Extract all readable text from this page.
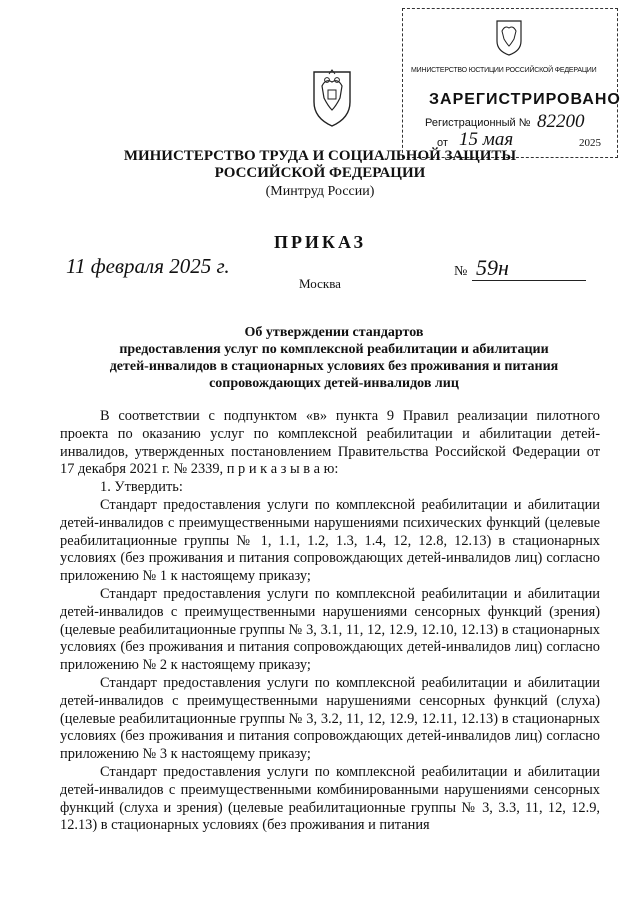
МИНИСТЕРСТВО ЮСТИЦИИ РОССИЙСКОЙ ФЕДЕРАЦИИ
ЗАРЕГИСТРИРОВАНО
Регистрационный № 82200
от 15 мая	2025
МИНИСТЕРСТВО ТРУДА И СОЦИАЛЬНОЙ ЗАЩИТЫ
РОССИЙСКОЙ ФЕДЕРАЦИИ
(Минтруд России)
ПРИКАЗ
11 февраля 2025 г.
Москва
№ 59н
Об утверждении стандартов
предоставления услуг по комплексной реабилитации и абилитации
детей-инвалидов в стационарных условиях без проживания и питания
сопровождающих детей-инвалидов лиц

В соответствии с подпунктом «в» пункта 9 Правил реализации пилотного проекта по оказанию услуг по комплексной реабилитации и абилитации детей-инвалидов, утвержденных постановлением Правительства Российской Федерации от 17 декабря 2021 г. № 2339, п р и к а з ы в а ю:

1. Утвердить:

Стандарт предоставления услуги по комплексной реабилитации и абилитации детей-инвалидов с преимущественными нарушениями психических функций (целевые реабилитационные группы № 1, 1.1, 1.2, 1.3, 1.4, 12, 12.8, 12.13) в стационарных условиях (без проживания и питания сопровождающих детей-инвалидов лиц) согласно приложению № 1 к настоящему приказу;

Стандарт предоставления услуги по комплексной реабилитации и абилитации детей-инвалидов с преимущественными нарушениями сенсорных функций (зрения) (целевые реабилитационные группы № 3, 3.1, 11, 12, 12.9, 12.10, 12.13) в стационарных условиях (без проживания и питания сопровождающих детей-инвалидов лиц) согласно приложению № 2 к настоящему приказу;

Стандарт предоставления услуги по комплексной реабилитации и абилитации детей-инвалидов с преимущественными нарушениями сенсорных функций (слуха) (целевые реабилитационные группы № 3, 3.2, 11, 12, 12.9, 12.11, 12.13) в стационарных условиях (без проживания и питания сопровождающих детей-инвалидов лиц) согласно приложению № 3 к настоящему приказу;

Стандарт предоставления услуги по комплексной реабилитации и абилитации детей-инвалидов с преимущественными комбинированными нарушениями сенсорных функций (слуха и зрения) (целевые реабилитационные группы № 3, 3.3, 11, 12, 12.9, 12.13) в стационарных условиях (без проживания и питания
